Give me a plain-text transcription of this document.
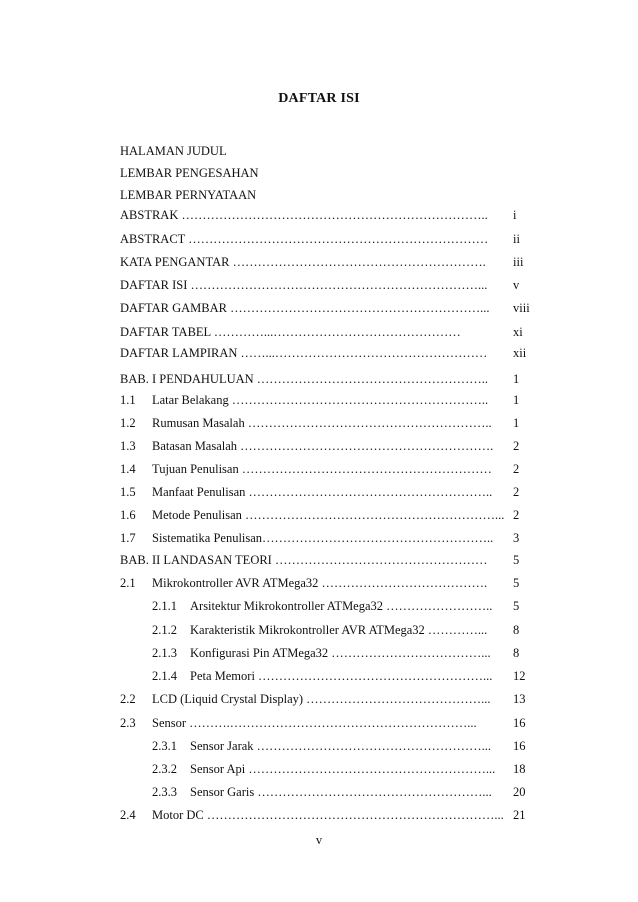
DAFTAR ISI
HALAMAN JUDUL
LEMBAR PENGESAHAN
LEMBAR PERNYATAAN
ABSTRAK ………………………………………………………………..	i
ABSTRACT ………………………………………………………………	ii
KATA PENGANTAR …………………………………………………….	iii
DAFTAR ISI ……………………………………………………………...	v
DAFTAR GAMBAR ……………………………………………………...	viii
DAFTAR TABEL …………...………………………………………	xi
DAFTAR LAMPIRAN ……...……………………………………………	xii
BAB. I PENDAHULUAN ………………………………………………..	1
1.1 Latar Belakang ……………………………………………………..	1
1.2 Rumusan Masalah …………………………………………………..	1
1.3 Batasan Masalah …………………………………………………….	2
1.4 Tujuan Penulisan ……………………………………………………	2
1.5 Manfaat Penulisan …………………………………………………..	2
1.6 Metode Penulisan ……………………………………………………... 2
1.7 Sistematika Penulisan………………………………………………..	3
BAB. II LANDASAN TEORI ……………………………………………	5
2.1 Mikrokontroller AVR ATMega32 ………………………………….	5
2.1.1 Arsitektur Mikrokontroller ATMega32 ……………………..	5
2.1.2 Karakteristik Mikrokontroller AVR ATMega32 …………...	8
2.1.3 Konfigurasi Pin ATMega32 ………………………………...	8
2.1.4 Peta Memori ………………………………………………...	12
2.2 LCD (Liquid Crystal Display) ……………………………………...	13
2.3 Sensor ……….…………………………………………………...	16
2.3.1 Sensor Jarak ………………………………………………...	16
2.3.2 Sensor Api …………………………………………………...	18
2.3.3 Sensor Garis ………………………………………………...	20
2.4 Motor DC ……………………………………………………………... 21
v
